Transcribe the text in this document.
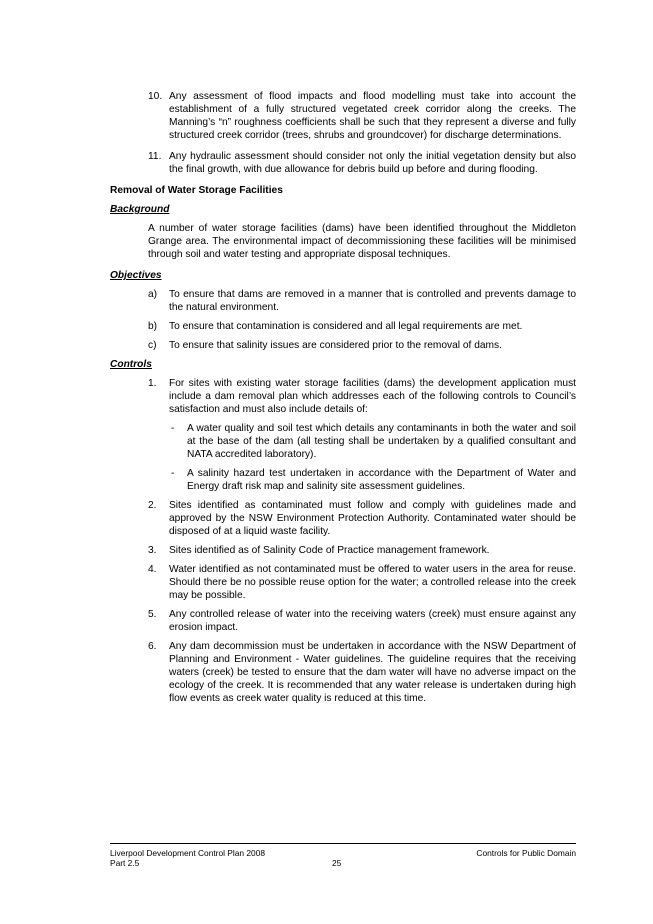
10. Any assessment of flood impacts and flood modelling must take into account the establishment of a fully structured vegetated creek corridor along the creeks. The Manning’s “n” roughness coefficients shall be such that they represent a diverse and fully structured creek corridor (trees, shrubs and groundcover) for discharge determinations.

11. Any hydraulic assessment should consider not only the initial vegetation density but also the final growth, with due allowance for debris build up before and during flooding.

Removal of Water Storage Facilities
Background

A number of water storage facilities (dams) have been identified throughout the Middleton Grange area. The environmental impact of decommissioning these facilities will be minimised through soil and water testing and appropriate disposal techniques.

Objectives
a) To ensure that dams are removed in a manner that is controlled and prevents damage to the natural environment.

b) To ensure that contamination is considered and all legal requirements are met.

c) To ensure that salinity issues are considered prior to the removal of dams.

Controls
1. For sites with existing water storage facilities (dams) the development application must include a dam removal plan which addresses each of the following controls to Council’s satisfaction and must also include details of:

- A water quality and soil test which details any contaminants in both the water and soil at the base of the dam (all testing shall be undertaken by a qualified consultant and NATA accredited laboratory).

- A salinity hazard test undertaken in accordance with the Department of Water and Energy draft risk map and salinity site assessment guidelines.

2. Sites identified as contaminated must follow and comply with guidelines made and approved by the NSW Environment Protection Authority. Contaminated water should be disposed of at a liquid waste facility.

3. Sites identified as of Salinity Code of Practice management framework.

4. Water identified as not contaminated must be offered to water users in the area for reuse. Should there be no possible reuse option for the water; a controlled release into the creek may be possible.

5. Any controlled release of water into the receiving waters (creek) must ensure against any erosion impact.

6. Any dam decommission must be undertaken in accordance with the NSW Department of Planning and Environment - Water guidelines. The guideline requires that the receiving waters (creek) be tested to ensure that the dam water will have no adverse impact on the ecology of the creek. It is recommended that any water release is undertaken during high flow events as creek water quality is reduced at this time.

Liverpool Development Control Plan 2008
Part 2.5	25
Controls for Public Domain
